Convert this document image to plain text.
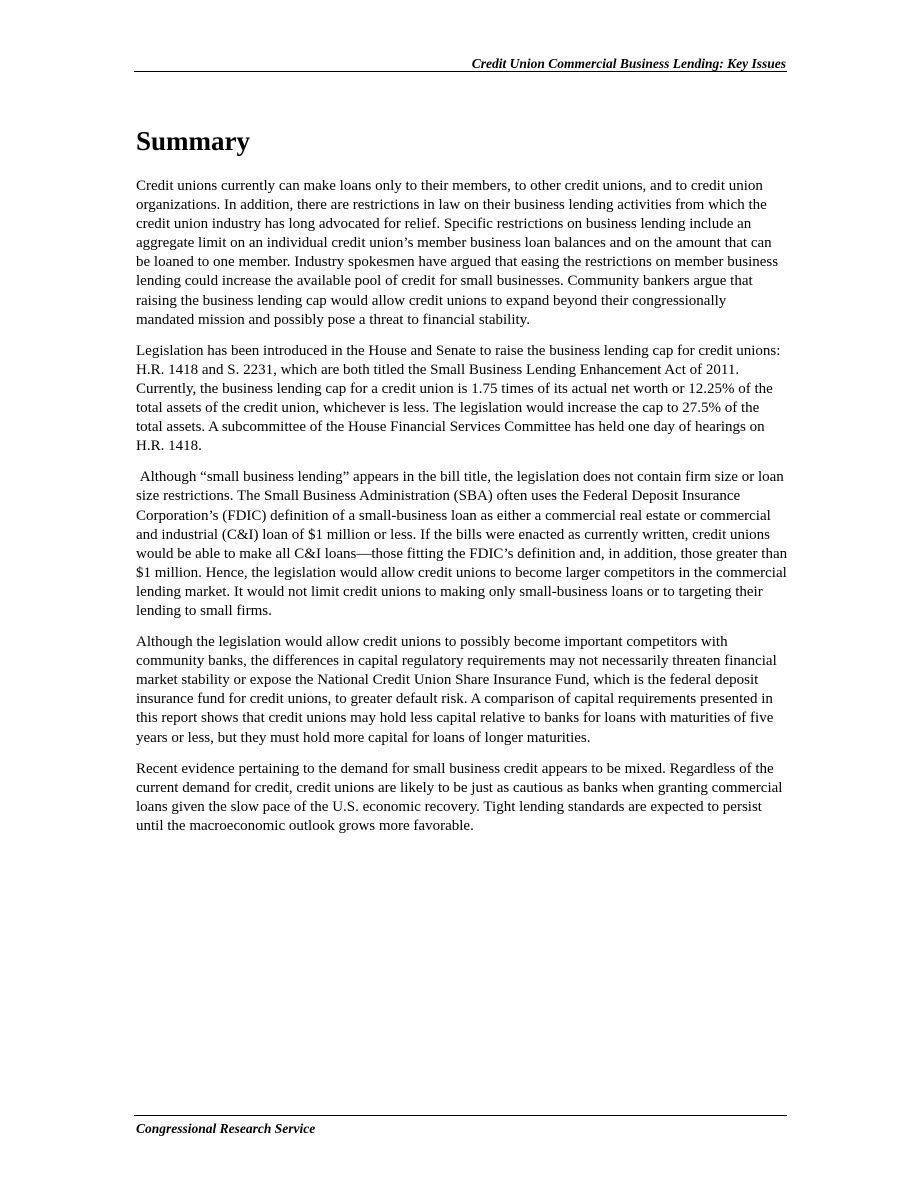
Credit Union Commercial Business Lending: Key Issues
Summary

Credit unions currently can make loans only to their members, to other credit unions, and to credit union organizations. In addition, there are restrictions in law on their business lending activities from which the credit union industry has long advocated for relief. Specific restrictions on business lending include an aggregate limit on an individual credit union’s member business loan balances and on the amount that can be loaned to one member. Industry spokesmen have argued that easing the restrictions on member business lending could increase the available pool of credit for small businesses. Community bankers argue that raising the business lending cap would allow credit unions to expand beyond their congressionally mandated mission and possibly pose a threat to financial stability.

Legislation has been introduced in the House and Senate to raise the business lending cap for credit unions: H.R. 1418 and S. 2231, which are both titled the Small Business Lending Enhancement Act of 2011. Currently, the business lending cap for a credit union is 1.75 times of its actual net worth or 12.25% of the total assets of the credit union, whichever is less. The legislation would increase the cap to 27.5% of the total assets. A subcommittee of the House Financial Services Committee has held one day of hearings on H.R. 1418.

Although “small business lending” appears in the bill title, the legislation does not contain firm size or loan size restrictions. The Small Business Administration (SBA) often uses the Federal Deposit Insurance Corporation’s (FDIC) definition of a small-business loan as either a commercial real estate or commercial and industrial (C&I) loan of $1 million or less. If the bills were enacted as currently written, credit unions would be able to make all C&I loans—those fitting the FDIC’s definition and, in addition, those greater than $1 million. Hence, the legislation would allow credit unions to become larger competitors in the commercial lending market. It would not limit credit unions to making only small-business loans or to targeting their lending to small firms.

Although the legislation would allow credit unions to possibly become important competitors with community banks, the differences in capital regulatory requirements may not necessarily threaten financial market stability or expose the National Credit Union Share Insurance Fund, which is the federal deposit insurance fund for credit unions, to greater default risk. A comparison of capital requirements presented in this report shows that credit unions may hold less capital relative to banks for loans with maturities of five years or less, but they must hold more capital for loans of longer maturities.

Recent evidence pertaining to the demand for small business credit appears to be mixed. Regardless of the current demand for credit, credit unions are likely to be just as cautious as banks when granting commercial loans given the slow pace of the U.S. economic recovery. Tight lending standards are expected to persist until the macroeconomic outlook grows more favorable.

Congressional Research Service
